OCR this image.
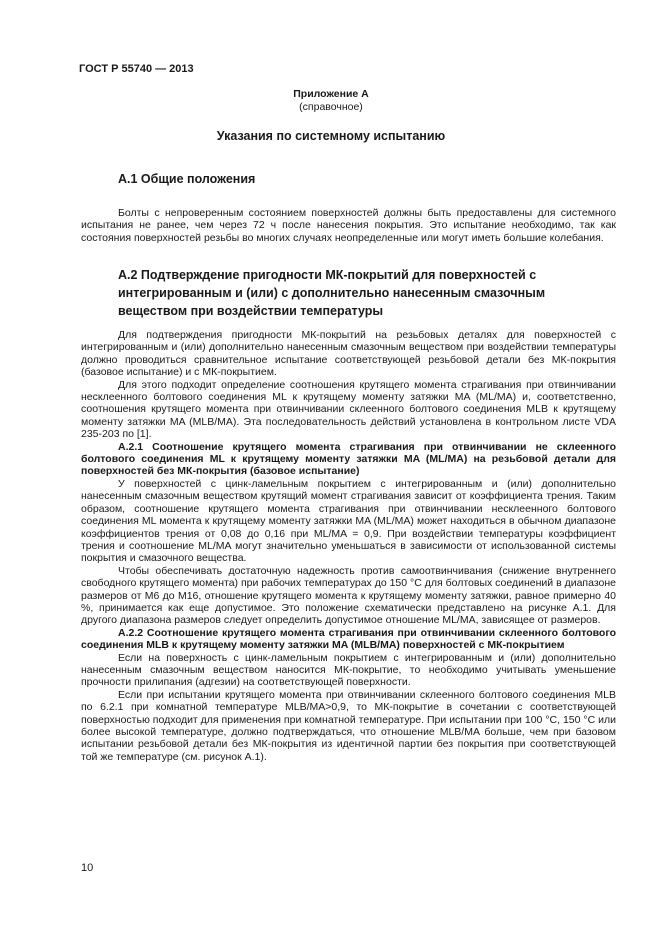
ГОСТ Р 55740 — 2013
Приложение А
(справочное)
Указания по системному испытанию
А.1 Общие положения

Болты с непроверенным состоянием поверхностей должны быть предоставлены для системного испытания не ранее, чем через 72 ч после нанесения покрытия. Это испытание необходимо, так как состояния поверхностей резьбы во многих случаях неопределенные или могут иметь большие колебания.

А.2 Подтверждение пригодности МК-покрытий для поверхностей с интегрированным и (или) с дополнительно нанесенным смазочным веществом при воздействии температуры

Для подтверждения пригодности МК-покрытий на резьбовых деталях для поверхностей с интегрированным и (или) дополнительно нанесенным смазочным веществом при воздействии температуры должно проводиться сравнительное испытание соответствующей резьбовой детали без МК-покрытия (базовое испытание) и с МК-покрытием.

Для этого подходит определение соотношения крутящего момента страгивания при отвинчивании несклеенного болтового соединения ML к крутящему моменту затяжки MA (ML/MA) и, соответственно, соотношения крутящего момента при отвинчивании склеенного болтового соединения MLB к крутящему моменту затяжки MA (MLB/MA). Эта последовательность действий установлена в контрольном листе VDA 235-203 по [1].

А.2.1 Соотношение крутящего момента страгивания при отвинчивании не склеенного болтового соединения ML к крутящему моменту затяжки MA (ML/MA) на резьбовой детали для поверхностей без МК-покрытия (базовое испытание)

У поверхностей с цинк-ламельным покрытием с интегрированным и (или) дополнительно нанесенным смазочным веществом крутящий момент страгивания зависит от коэффициента трения. Таким образом, соотношение крутящего момента страгивания при отвинчивании несклеенного болтового соединения ML момента к крутящему моменту затяжки MA (ML/MA) может находиться в обычном диапазоне коэффициентов трения от 0,08 до 0,16 при ML/MA = 0,9. При воздействии температуры коэффициент трения и соотношение ML/MA могут значительно уменьшаться в зависимости от использованной системы покрытия и смазочного вещества.

Чтобы обеспечивать достаточную надежность против самоотвинчивания (снижение внутреннего свободного крутящего момента) при рабочих температурах до 150 °С для болтовых соединений в диапазоне размеров от М6 до М16, отношение крутящего момента к крутящему моменту затяжки, равное примерно 40 %, принимается как еще допустимое. Это положение схематически представлено на рисунке А.1. Для другого диапазона размеров следует определить допустимое отношение ML/MA, зависящее от размеров.

А.2.2 Соотношение крутящего момента страгивания при отвинчивании склеенного болтового соединения MLB к крутящему моменту затяжки MA (MLB/MA) поверхностей с МК-покрытием

Если на поверхность с цинк-ламельным покрытием с интегрированным и (или) дополнительно нанесенным смазочным веществом наносится МК-покрытие, то необходимо учитывать уменьшение прочности прилипания (адгезии) на соответствующей поверхности.

Если при испытании крутящего момента при отвинчивании склеенного болтового соединения MLB по 6.2.1 при комнатной температуре MLB/MA>0,9, то МК-покрытие в сочетании с соответствующей поверхностью подходит для применения при комнатной температуре. При испытании при 100 °С, 150 °С или более высокой температуре, должно подтверждаться, что отношение MLB/MA больше, чем при базовом испытании резьбовой детали без МК-покрытия из идентичной партии без покрытия при соответствующей той же температуре (см. рисунок А.1).

10
